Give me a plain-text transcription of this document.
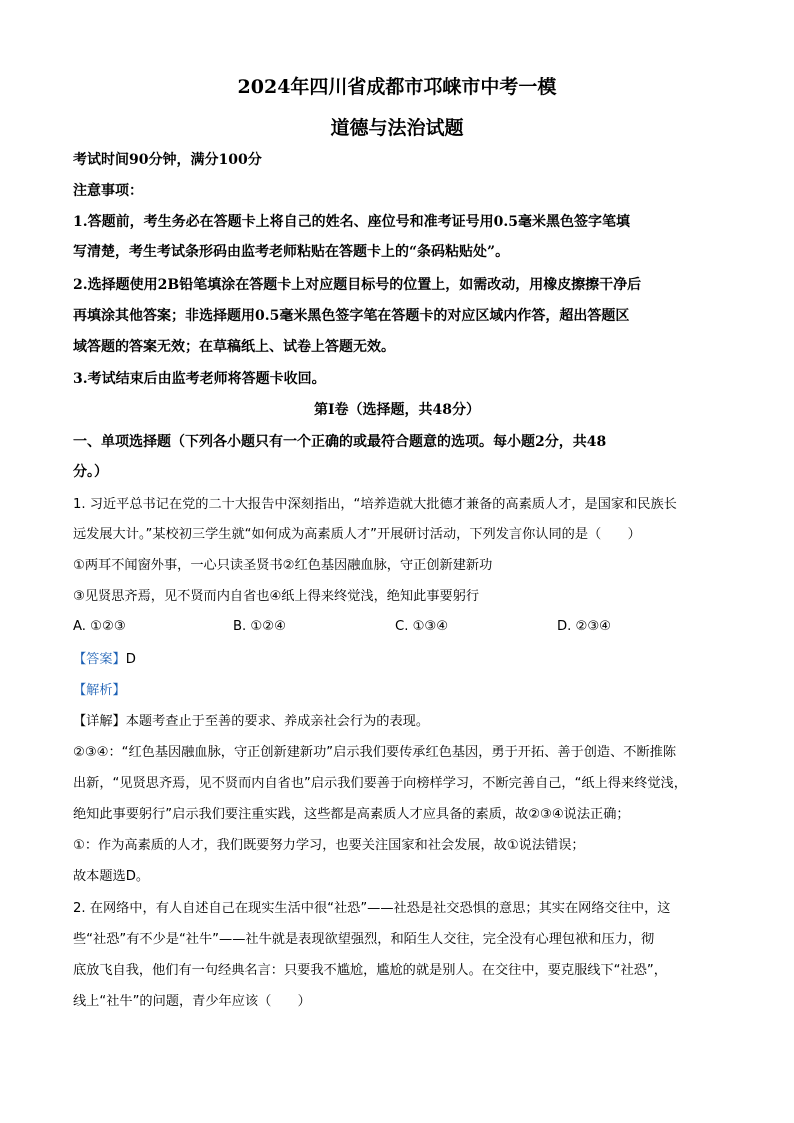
2024年四川省成都市邛崃市中考一模
道德与法治试题
考试时间90分钟，满分100分
注意事项：
1.答题前，考生务必在答题卡上将自己的姓名、座位号和准考证号用0.5毫米黑色签字笔填
写清楚，考生考试条形码由监考老师粘贴在答题卡上的“条码粘贴处”。
2.选择题使用2B铅笔填涂在答题卡上对应题目标号的位置上，如需改动，用橡皮擦擦干净后
再填涂其他答案；非选择题用0.5毫米黑色签字笔在答题卡的对应区域内作答，超出答题区
域答题的答案无效；在草稿纸上、试卷上答题无效。
3.考试结束后由监考老师将答题卡收回。
第Ⅰ卷（选择题，共48分）
一、单项选择题（下列各小题只有一个正确的或最符合题意的选项。每小题2分，共48
分。）
1. 习近平总书记在党的二十大报告中深刻指出，“培养造就大批德才兼备的高素质人才，是国家和民族长
远发展大计。”某校初三学生就“如何成为高素质人才”开展研讨活动，下列发言你认同的是（　　）
①两耳不闻窗外事，一心只读圣贤书②红色基因融血脉，守正创新建新功
③见贤思齐焉，见不贤而内自省也④纸上得来终觉浅，绝知此事要躬行
A. ①②③	B. ①②④	C. ①③④	D. ②③④
【答案】D
【解析】
【详解】本题考查止于至善的要求、养成亲社会行为的表现。
②③④：“红色基因融血脉，守正创新建新功”启示我们要传承红色基因，勇于开拓、善于创造、不断推陈
出新，“见贤思齐焉，见不贤而内自省也”启示我们要善于向榜样学习，不断完善自己，“纸上得来终觉浅，
绝知此事要躬行”启示我们要注重实践，这些都是高素质人才应具备的素质，故②③④说法正确；
①：作为高素质的人才，我们既要努力学习，也要关注国家和社会发展，故①说法错误；
故本题选D。
2. 在网络中，有人自述自己在现实生活中很“社恐”——社恐是社交恐惧的意思；其实在网络交往中，这
些“社恐”有不少是“社牛”——社牛就是表现欲望强烈，和陌生人交往，完全没有心理包袱和压力，彻
底放飞自我，他们有一句经典名言：只要我不尴尬，尴尬的就是别人。在交往中，要克服线下“社恐”，
线上“社牛”的问题，青少年应该（　　）
